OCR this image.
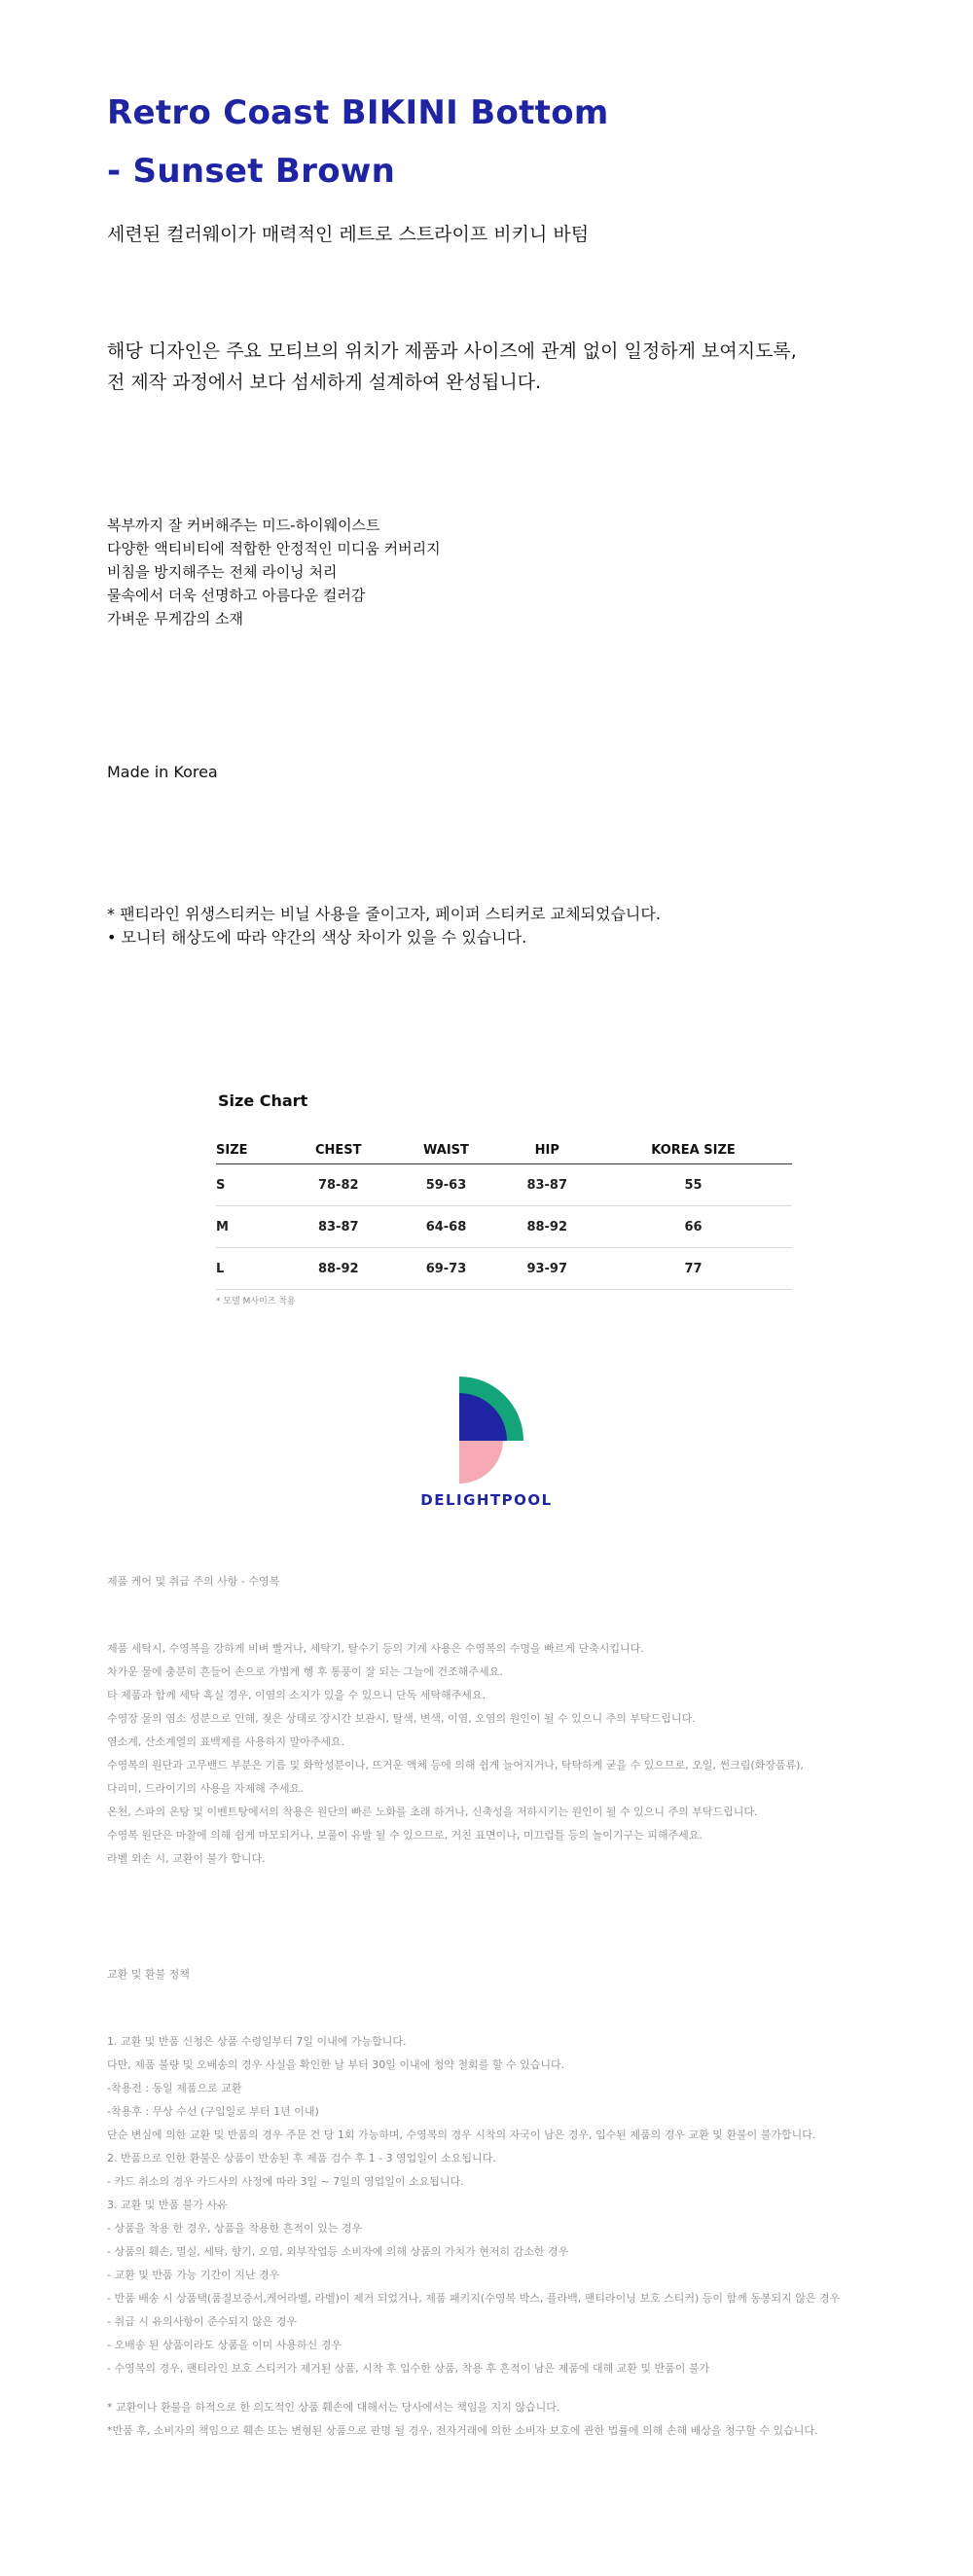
Retro Coast BIKINI Bottom
- Sunset Brown

세련된 컬러웨이가 매력적인 레트로 스트라이프 비키니 바텀

해당 디자인은 주요 모티브의 위치가 제품과 사이즈에 관계 없이 일정하게 보여지도록,
전 제작 과정에서 보다 섬세하게 설계하여 완성됩니다.

복부까지 잘 커버해주는 미드-하이웨이스트
다양한 액티비티에 적합한 안정적인 미디움 커버리지
비침을 방지해주는 전체 라이닝 처리
물속에서 더욱 선명하고 아름다운 컬러감
가벼운 무게감의 소재

Made in Korea

* 팬티라인 위생스티커는 비닐 사용을 줄이고자, 페이퍼 스티커로 교체되었습니다.
• 모니터 해상도에 따라 약간의 색상 차이가 있을 수 있습니다.

Size Chart

SIZE	CHEST	WAIST	HIP	KOREA SIZE
S	78-82	59-63	83-87	55
M	83-87	64-68	88-92	66
L	88-92	69-73	93-97	77

* 모델 M사이즈 착용

DELIGHTPOOL

제품 케어 및 취급 주의 사항 - 수영복

제품 세탁시, 수영복을 강하게 비벼 빨거나, 세탁기, 탈수기 등의 기계 사용은 수영복의 수명을 빠르게 단축시킵니다.
차가운 물에 충분히 흔들어 손으로 가볍게 헹 후 통풍이 잘 되는 그늘에 건조해주세요.
타 제품과 함께 세탁 혹실 경우, 이염의 소지가 있을 수 있으니 단독 세탁해주세요.
수영장 물의 염소 성분으로 인해, 젖은 상태로 장시간 보관시, 탈색, 변색, 이염, 오염의 원인이 될 수 있으니 주의 부탁드립니다.
염소계, 산소계열의 표백제를 사용하지 말아주세요.
수영복의 원단과 고무밴드 부분은 기름 및 화학성분이나, 뜨거운 액체 등에 의해 쉽게 늘어지거나, 탁탁하게 굳을 수 있으므로, 오일, 썬크림(화장품류),
다리미, 드라이기의 사용을 자제해 주세요.
온천, 스파의 온탕 및 이벤트탕에서의 착용은 원단의 빠른 노화를 초래 하거나, 신축성을 저하시키는 원인이 될 수 있으니 주의 부탁드립니다.
수영복 원단은 마찰에 의해 쉽게 마모되거나, 보풀이 유발 될 수 있으므로, 거친 표면이나, 미끄럼틀 등의 놀이기구는 피해주세요.
라벨 외손 시, 교환이 불가 합니다.

교환 및 환불 정책

1. 교환 및 반품 신청은 상품 수령일부터 7일 이내에 가능합니다.
다만, 제품 불량 및 오배송의 경우 사실을 확인한 날 부터 30일 이내에 청약 철회를 할 수 있습니다.
-착용전 : 동일 제품으로 교환
-착용후 : 무상 수선 (구입일로 부터 1년 이내)
단순 변심에 의한 교환 및 반품의 경우 주문 건 당 1회 가능하며, 수영복의 경우 시착의 자국이 남은 경우, 입수된 제품의 경우 교환 및 환불이 불가합니다.
2. 반품으로 인한 환불은 상품이 반송된 후 제품 검수 후 1 - 3 영업일이 소요됩니다.
- 카드 취소의 경우 카드사의 사정에 따라 3일 ~ 7일의 영업일이 소요됩니다.
3. 교환 및 반품 불가 사유
- 상품을 착용 한 경우, 상품을 착용한 흔적이 있는 경우
- 상품의 훼손, 멸실, 세탁, 향기, 오염, 외부작업등 소비자에 의해 상품의 가치가 현저히 감소한 경우
- 교환 및 반품 가능 기간이 지난 경우
- 반품 배송 시 상품택(품질보증서,케어라벨, 라벨)이 제거 되었거나, 제품 패키지(수영복 박스, 플라백, 팬티라이닝 보호 스티커) 등이 함께 동봉되지 않은 경우
- 취급 시 유의사항이 준수되지 않은 경우
- 오배송 된 상품이라도 상품을 이미 사용하신 경우
- 수영복의 경우, 팬티라인 보호 스티커가 제거된 상품, 시착 후 입수한 상품, 착용 후 흔적이 남은 제품에 대해 교환 및 반품이 불가
* 교환이나 환불을 하적으로 한 의도적인 상품 훼손에 대해서는 당사에서는 책임을 지지 않습니다.
*반품 후, 소비자의 책임으로 훼손 또는 변형된 상품으로 판명 될 경우, 전자거래에 의한 소비자 보호에 관한 법률에 의해 손해 배상을 청구할 수 있습니다.
